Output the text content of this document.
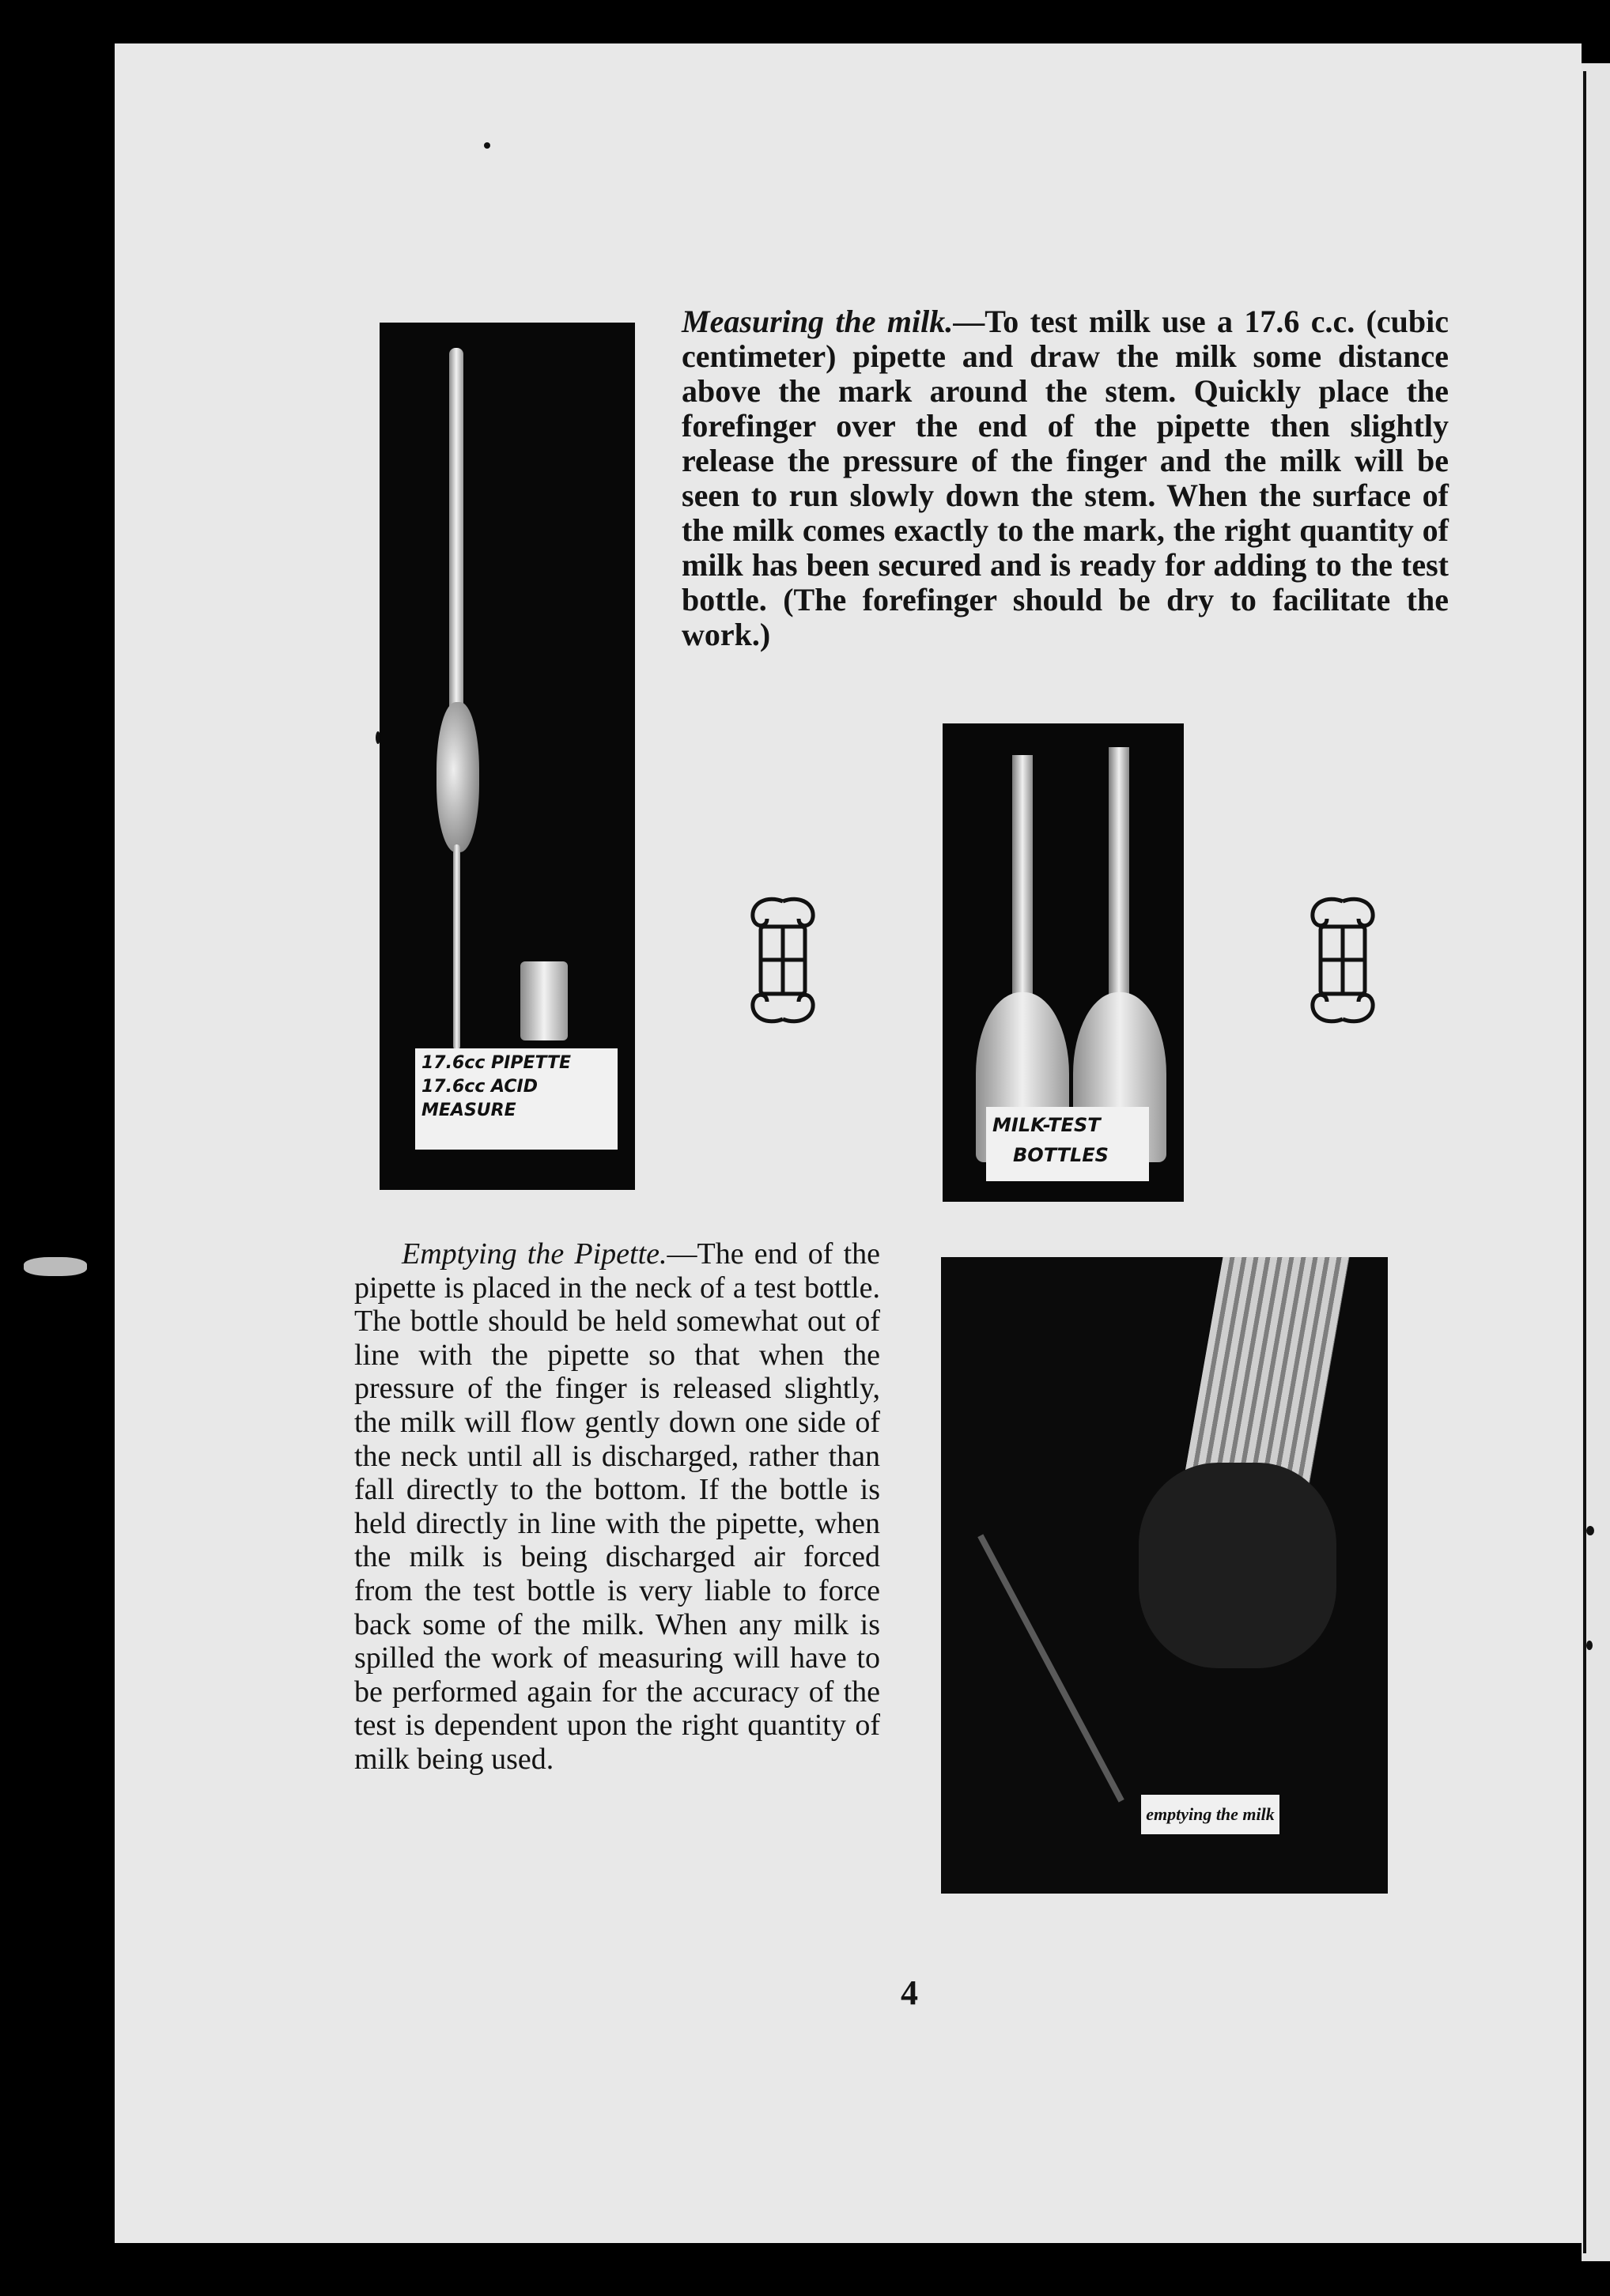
17.6cc PIPETTE
17.6cc ACID MEASURE
Measuring the milk.—To test milk use a 17.6 c.c. (cubic centimeter) pipette and draw the milk some distance above the mark around the stem. Quickly place the forefinger over the end of the pipette then slightly release the pressure of the finger and the milk will be seen to run slowly down the stem. When the surface of the milk comes exactly to the mark, the right quantity of milk has been secured and is ready for adding to the test bottle. (The forefinger should be dry to facilitate the work.)
MILK-TEST
BOTTLES
Emptying the Pipette.—The end of the pipette is placed in the neck of a test bottle. The bottle should be held somewhat out of line with the pipette so that when the pressure of the finger is released slightly, the milk will flow gently down one side of the neck until all is discharged, rather than fall directly to the bottom. If the bottle is held directly in line with the pipette, when the milk is being discharged air forced from the test bottle is very liable to force back some of the milk. When any milk is spilled the work of measuring will have to be performed again for the accuracy of the test is dependent upon the right quantity of milk being used.
emptying the milk
4
